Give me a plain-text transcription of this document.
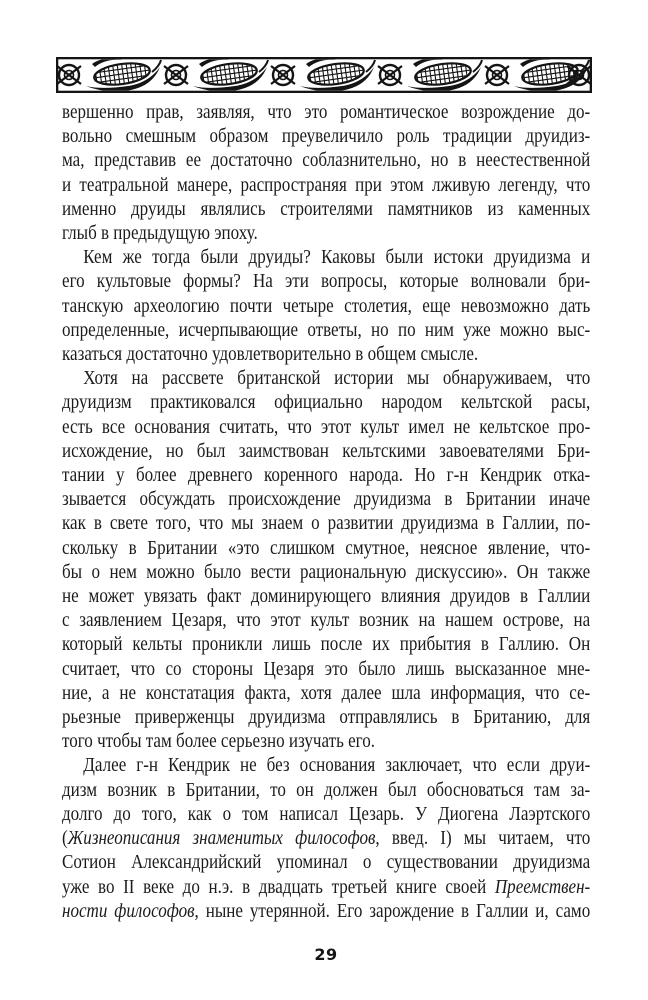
вершенно прав, заявляя, что это романтическое возрождение до-
вольно смешным образом преувеличило роль традиции друидиз-
ма, представив ее достаточно соблазнительно, но в неестественной
и театральной манере, распространяя при этом лживую легенду, что
именно друиды являлись строителями памятников из каменных
глыб в предыдущую эпоху.
Кем же тогда были друиды? Каковы были истоки друидизма и
его культовые формы? На эти вопросы, которые волновали бри-
танскую археологию почти четыре столетия, еще невозможно дать
определенные, исчерпывающие ответы, но по ним уже можно выс-
казаться достаточно удовлетворительно в общем смысле.
Хотя на рассвете британской истории мы обнаруживаем, что
друидизм практиковался официально народом кельтской расы,
есть все основания считать, что этот культ имел не кельтское про-
исхождение, но был заимствован кельтскими завоевателями Бри-
тании у более древнего коренного народа. Но г-н Кендрик отка-
зывается обсуждать происхождение друидизма в Британии иначе
как в свете того, что мы знаем о развитии друидизма в Галлии, по-
скольку в Британии «это слишком смутное, неясное явление, что-
бы о нем можно было вести рациональную дискуссию». Он также
не может увязать факт доминирующего влияния друидов в Галлии
с заявлением Цезаря, что этот культ возник на нашем острове, на
который кельты проникли лишь после их прибытия в Галлию. Он
считает, что со стороны Цезаря это было лишь высказанное мне-
ние, а не констатация факта, хотя далее шла информация, что се-
рьезные приверженцы друидизма отправлялись в Британию, для
того чтобы там более серьезно изучать его.
Далее г-н Кендрик не без основания заключает, что если друи-
дизм возник в Британии, то он должен был обосноваться там за-
долго до того, как о том написал Цезарь. У Диогена Лаэртского
(Жизнеописания знаменитых философов, введ. I) мы читаем, что
Сотион Александрийский упоминал о существовании друидизма
уже во II веке до н.э. в двадцать третьей книге своей Преемствен-
ности философов, ныне утерянной. Его зарождение в Галлии и, само
29
